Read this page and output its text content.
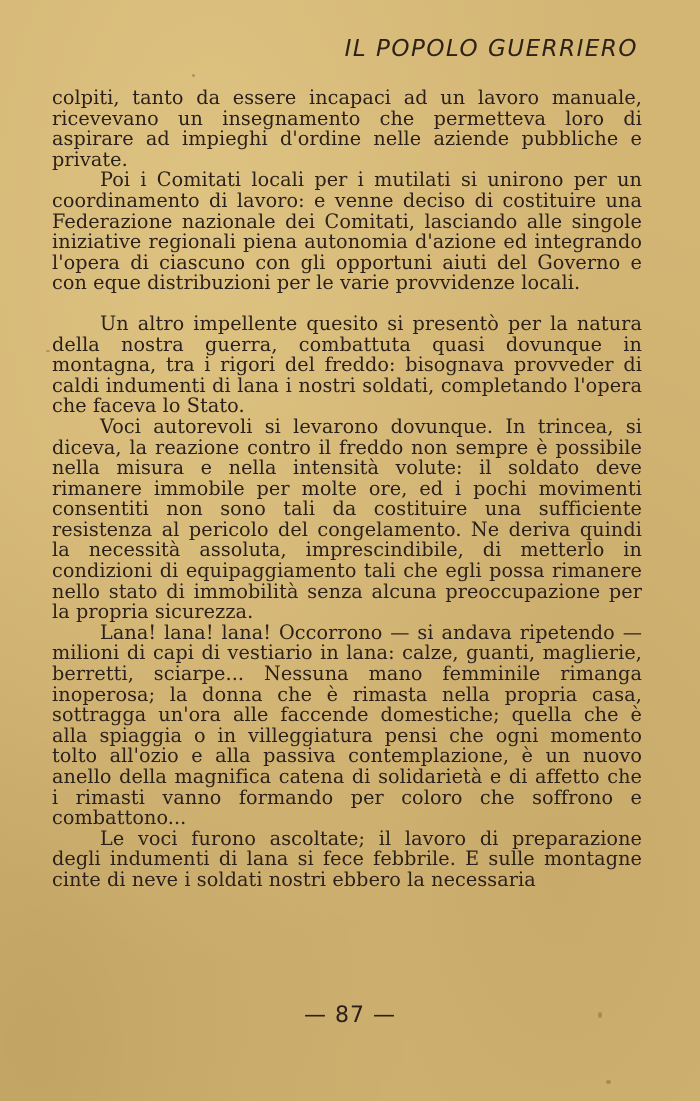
IL POPOLO GUERRIERO

colpiti, tanto da essere incapaci ad un lavoro manuale, ricevevano un insegnamento che permetteva loro di aspirare ad impieghi d'ordine nelle aziende pubbliche e private.

Poi i Comitati locali per i mutilati si unirono per un coordinamento di lavoro: e venne deciso di costituire una Federazione nazionale dei Comitati, lasciando alle singole iniziative regionali piena autonomia d'azione ed integrando l'opera di ciascuno con gli opportuni aiuti del Governo e con eque distribuzioni per le varie provvidenze locali.

Un altro impellente quesito si presentò per la natura della nostra guerra, combattuta quasi dovunque in montagna, tra i rigori del freddo: bisognava provveder di caldi indumenti di lana i nostri soldati, completando l'opera che faceva lo Stato.

Voci autorevoli si levarono dovunque. In trincea, si diceva, la reazione contro il freddo non sempre è possibile nella misura e nella intensità volute: il soldato deve rimanere immobile per molte ore, ed i pochi movimenti consentiti non sono tali da costituire una sufficiente resistenza al pericolo del congelamento. Ne deriva quindi la necessità assoluta, imprescindibile, di metterlo in condizioni di equipaggiamento tali che egli possa rimanere nello stato di immobilità senza alcuna preoccupazione per la propria sicurezza.

Lana! lana! lana! Occorrono — si andava ripetendo — milioni di capi di vestiario in lana: calze, guanti, maglierie, berretti, sciarpe... Nessuna mano femminile rimanga inoperosa; la donna che è rimasta nella propria casa, sottragga un'ora alle faccende domestiche; quella che è alla spiaggia o in villeggiatura pensi che ogni momento tolto all'ozio e alla passiva contemplazione, è un nuovo anello della magnifica catena di solidarietà e di affetto che i rimasti vanno formando per coloro che soffrono e combattono...

Le voci furono ascoltate; il lavoro di preparazione degli indumenti di lana si fece febbrile. E sulle montagne cinte di neve i soldati nostri ebbero la necessaria

— 87 —
